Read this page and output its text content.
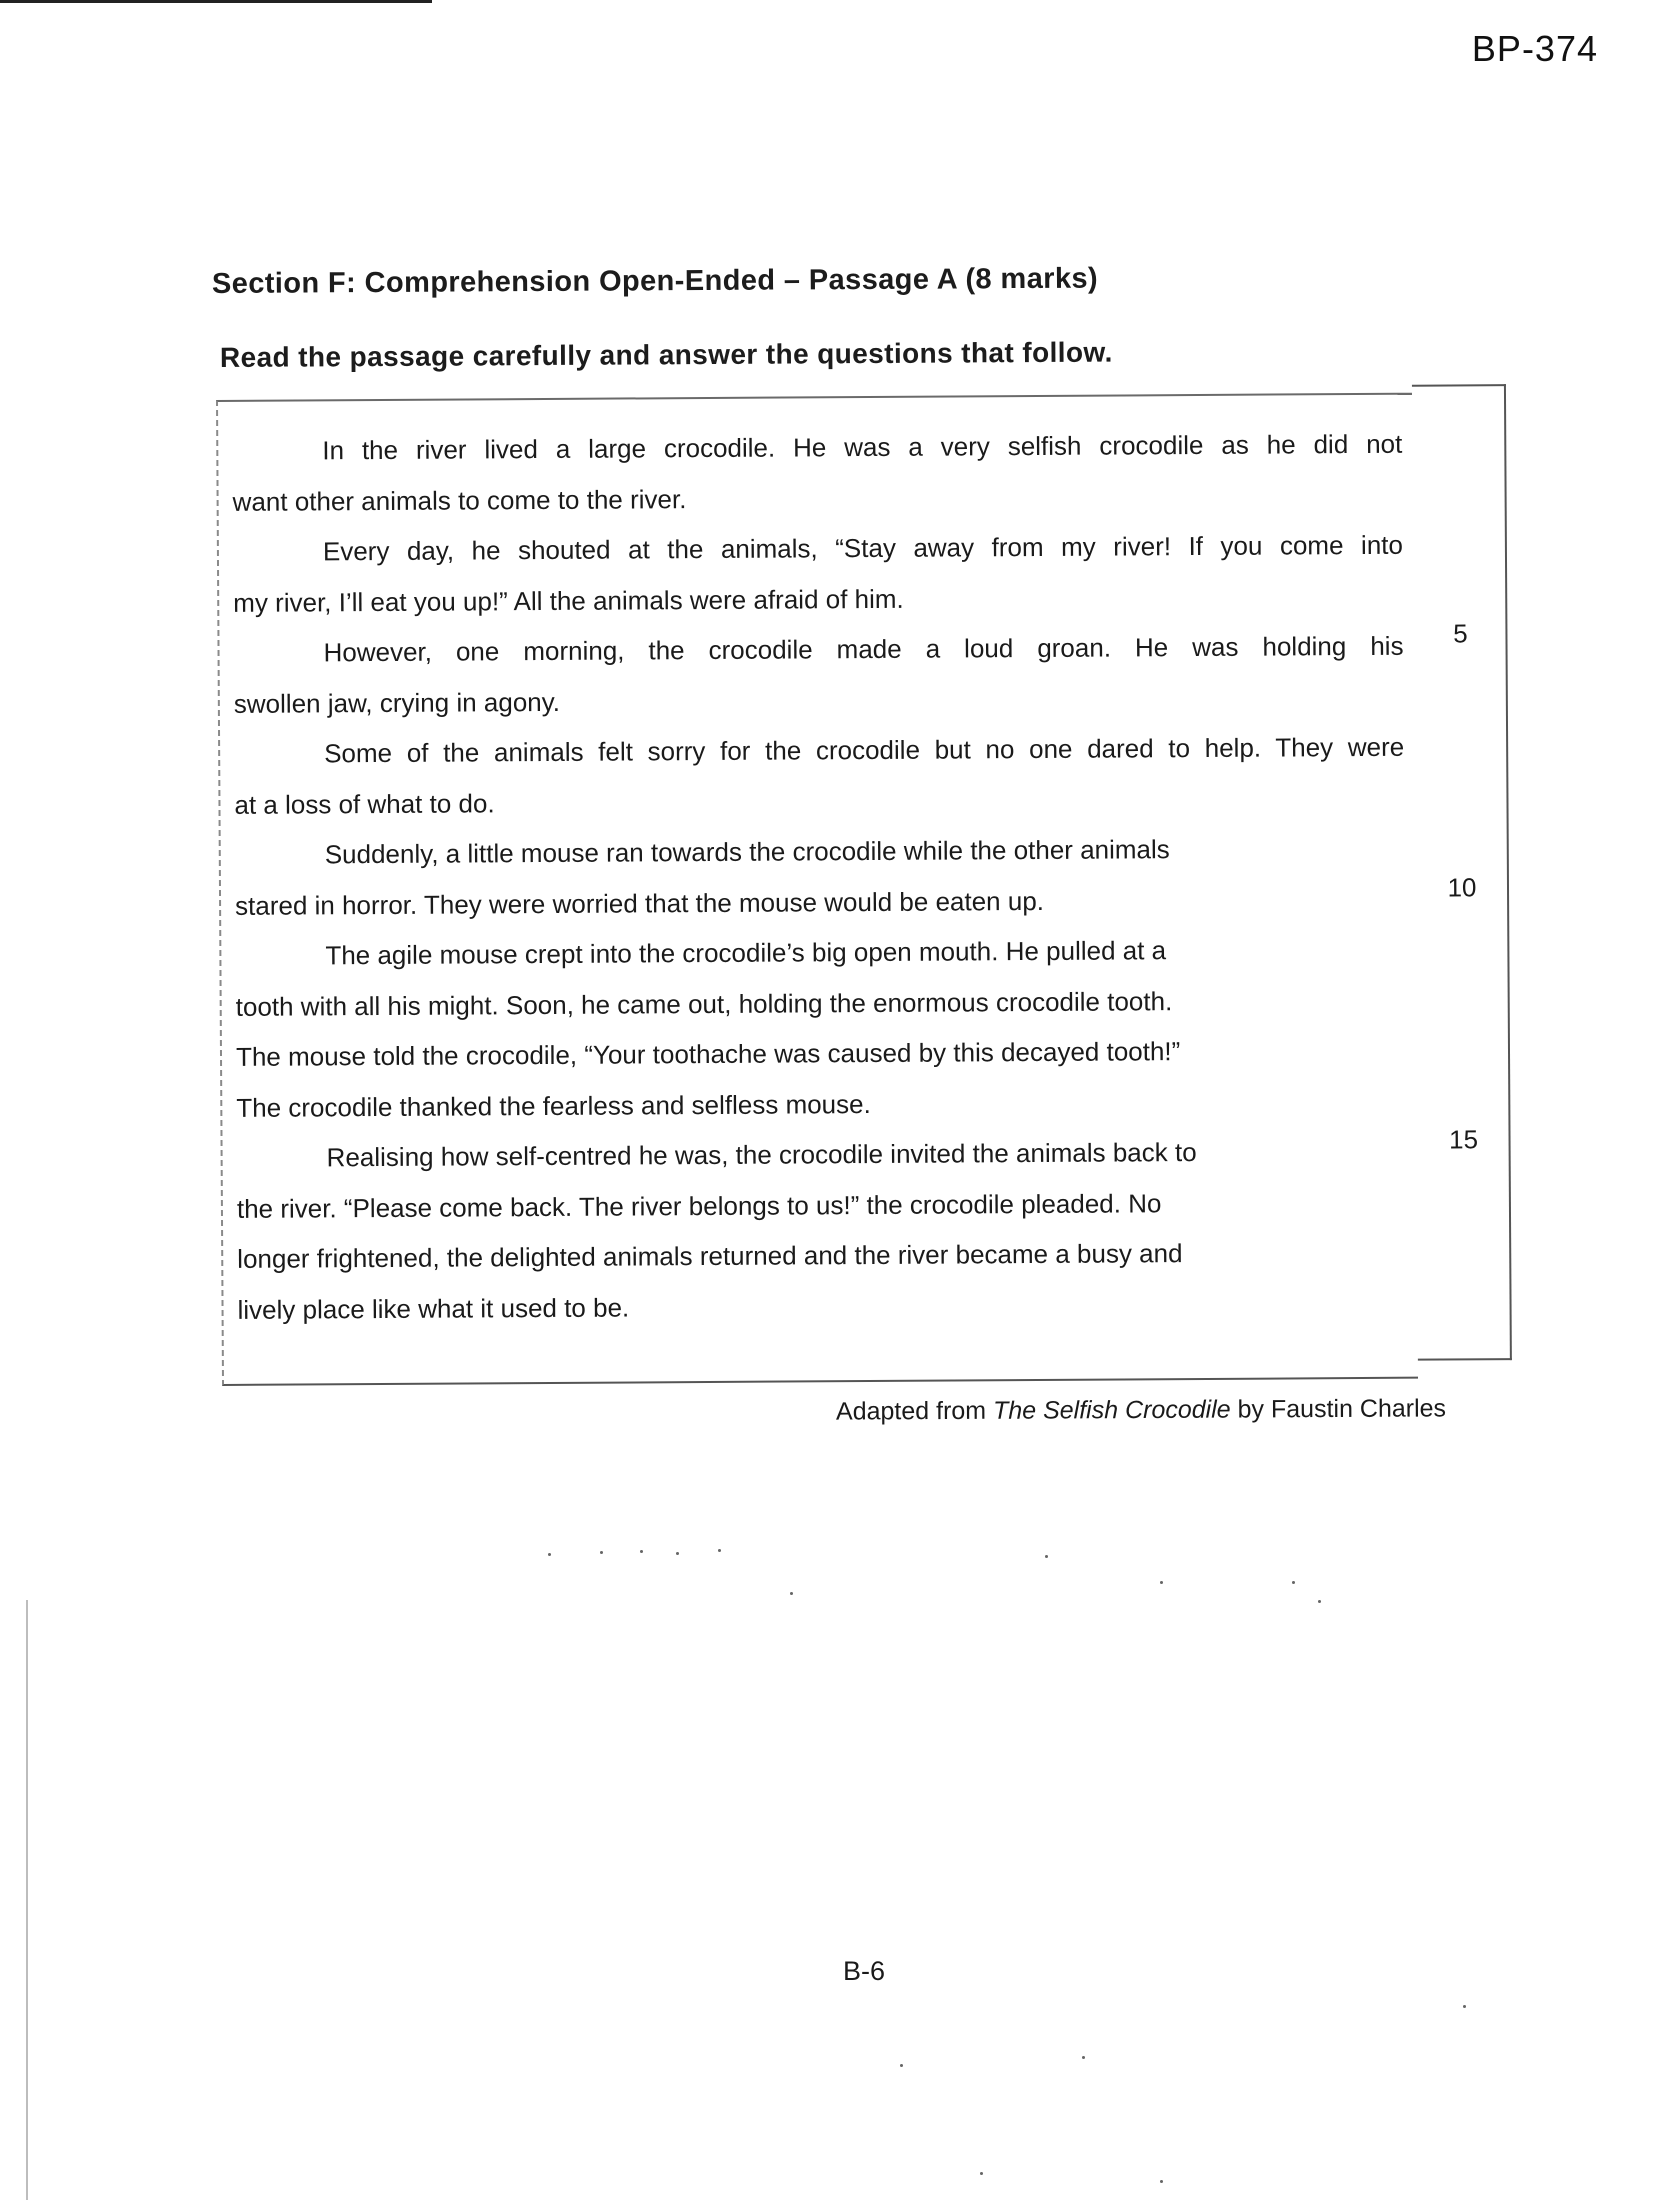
BP-374
Section F: Comprehension Open-Ended – Passage A (8 marks)
Read the passage carefully and answer the questions that follow.
In the river lived a large crocodile. He was a very selfish crocodile as he did not
want other animals to come to the river.
Every day, he shouted at the animals, “Stay away from my river! If you come into
my river, I’ll eat you up!” All the animals were afraid of him.
However, one morning, the crocodile made a loud groan. He was holding his
swollen jaw, crying in agony.
Some of the animals felt sorry for the crocodile but no one dared to help. They were
at a loss of what to do.
Suddenly, a little mouse ran towards the crocodile while the other animals
stared in horror. They were worried that the mouse would be eaten up.
The agile mouse crept into the crocodile’s big open mouth. He pulled at a
tooth with all his might. Soon, he came out, holding the enormous crocodile tooth.
The mouse told the crocodile, “Your toothache was caused by this decayed tooth!”
The crocodile thanked the fearless and selfless mouse.
Realising how self-centred he was, the crocodile invited the animals back to
the river. “Please come back. The river belongs to us!” the crocodile pleaded. No
longer frightened, the delighted animals returned and the river became a busy and
lively place like what it used to be.
5
10
15
Adapted from The Selfish Crocodile by Faustin Charles
B-6
